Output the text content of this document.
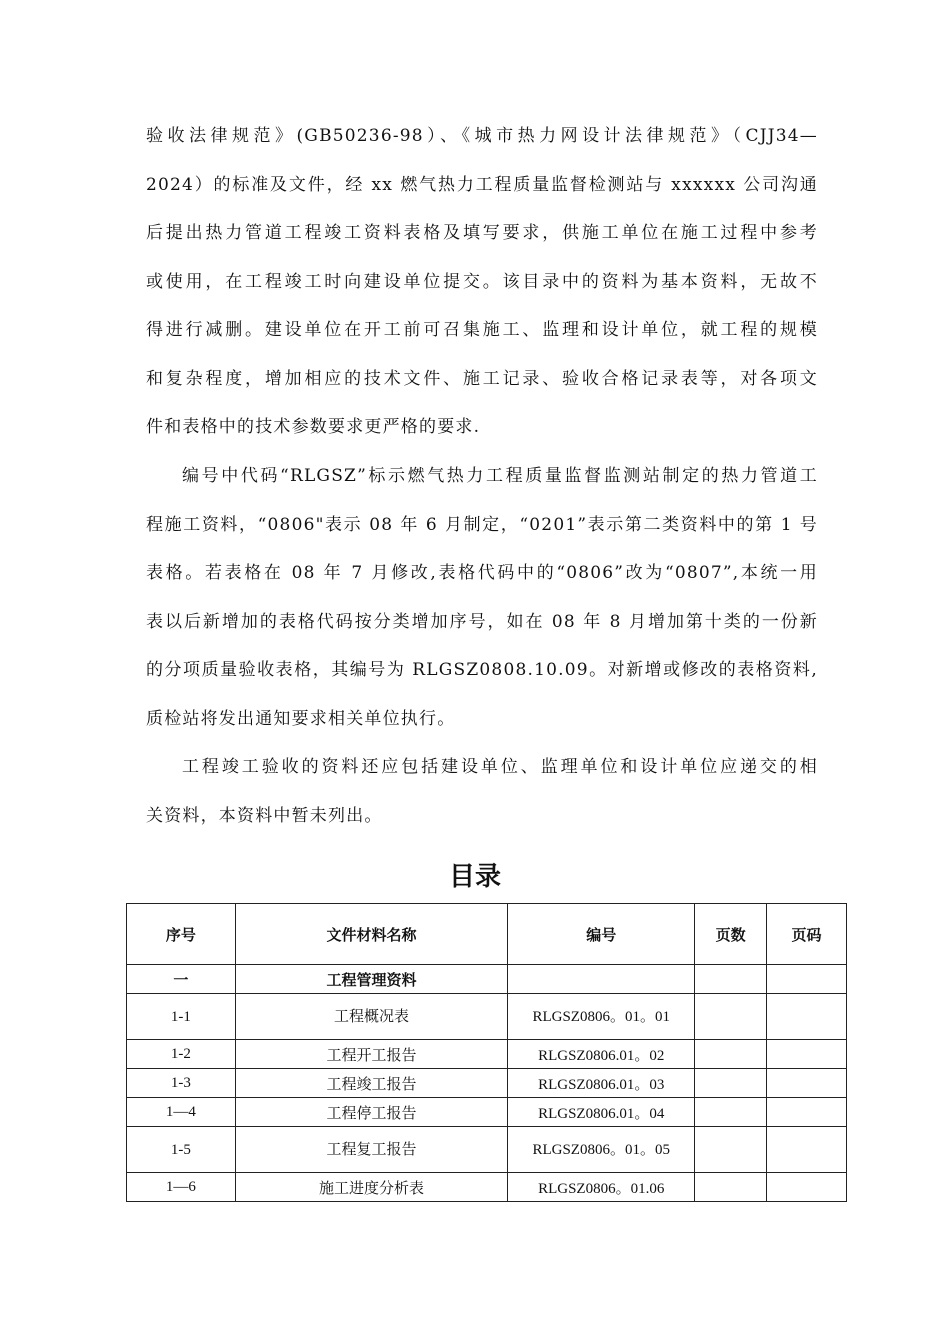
验收法律规范》(GB50236-98）、《城市热力网设计法律规范》（CJJ34—
2024）的标准及文件，经 xx 燃气热力工程质量监督检测站与 xxxxxx 公司沟通
后提出热力管道工程竣工资料表格及填写要求，供施工单位在施工过程中参考
或使用，在工程竣工时向建设单位提交。该目录中的资料为基本资料，无故不
得进行减删。建设单位在开工前可召集施工、监理和设计单位，就工程的规模
和复杂程度，增加相应的技术文件、施工记录、验收合格记录表等，对各项文
件和表格中的技术参数要求更严格的要求.
编号中代码“RLGSZ”标示燃气热力工程质量监督监测站制定的热力管道工
程施工资料，“0806"表示 08 年 6 月制定，“0201”表示第二类资料中的第 1 号
表格。若表格在 08 年 7 月修改,表格代码中的“0806”改为“0807”,本统一用
表以后新增加的表格代码按分类增加序号，如在 08 年 8 月增加第十类的一份新
的分项质量验收表格，其编号为 RLGSZ0808.10.09。对新增或修改的表格资料,
质检站将发出通知要求相关单位执行。
工程竣工验收的资料还应包括建设单位、监理单位和设计单位应递交的相
关资料，本资料中暂未列出。
目录
序号	文件材料名称	编号	页数	页码
一	工程管理资料			
1-1	工程概况表	RLGSZ0806。01。01		
1-2	工程开工报告	RLGSZ0806.01。02		
1-3	工程竣工报告	RLGSZ0806.01。03		
1—4	工程停工报告	RLGSZ0806.01。04		
1-5	工程复工报告	RLGSZ0806。01。05		
1—6	施工进度分析表	RLGSZ0806。01.06		
